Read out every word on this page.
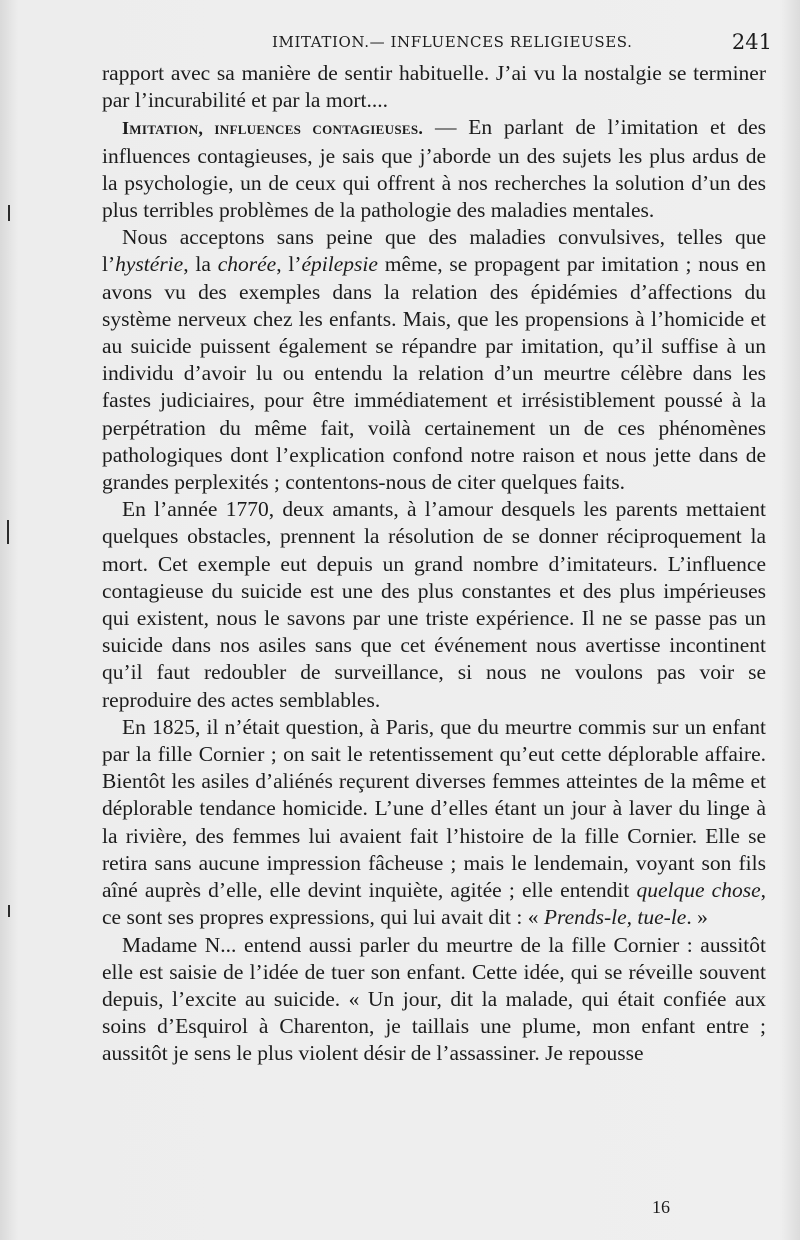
IMITATION.— INFLUENCES RELIGIEUSES.	241

rapport avec sa manière de sentir habituelle. J’ai vu la nostalgie se terminer par l’incurabilité et par la mort....

Imitation, influences contagieuses. — En parlant de l’imitation et des influences contagieuses, je sais que j’aborde un des sujets les plus ardus de la psychologie, un de ceux qui offrent à nos recherches la solution d’un des plus terribles problèmes de la pathologie des maladies mentales.

Nous acceptons sans peine que des maladies convulsives, telles que l’hystérie, la chorée, l’épilepsie même, se propagent par imitation ; nous en avons vu des exemples dans la relation des épidémies d’affections du système nerveux chez les enfants. Mais, que les propensions à l’homicide et au suicide puissent également se répandre par imitation, qu’il suffise à un individu d’avoir lu ou entendu la relation d’un meurtre célèbre dans les fastes judiciaires, pour être immédiatement et irrésistiblement poussé à la perpétration du même fait, voilà certainement un de ces phénomènes pathologiques dont l’explication confond notre raison et nous jette dans de grandes perplexités ; contentons-nous de citer quelques faits.

En l’année 1770, deux amants, à l’amour desquels les parents mettaient quelques obstacles, prennent la résolution de se donner réciproquement la mort. Cet exemple eut depuis un grand nombre d’imitateurs. L’influence contagieuse du suicide est une des plus constantes et des plus impérieuses qui existent, nous le savons par une triste expérience. Il ne se passe pas un suicide dans nos asiles sans que cet événement nous avertisse incontinent qu’il faut redoubler de surveillance, si nous ne voulons pas voir se reproduire des actes semblables.

En 1825, il n’était question, à Paris, que du meurtre commis sur un enfant par la fille Cornier ; on sait le retentissement qu’eut cette déplorable affaire. Bientôt les asiles d’aliénés reçurent diverses femmes atteintes de la même et déplorable tendance homicide. L’une d’elles étant un jour à laver du linge à la rivière, des femmes lui avaient fait l’histoire de la fille Cornier. Elle se retira sans aucune impression fâcheuse ; mais le lendemain, voyant son fils aîné auprès d’elle, elle devint inquiète, agitée ; elle entendit quelque chose, ce sont ses propres expressions, qui lui avait dit : « Prends-le, tue-le. »

Madame N... entend aussi parler du meurtre de la fille Cornier : aussitôt elle est saisie de l’idée de tuer son enfant. Cette idée, qui se réveille souvent depuis, l’excite au suicide. « Un jour, dit la malade, qui était confiée aux soins d’Esquirol à Charenton, je taillais une plume, mon enfant entre ; aussitôt je sens le plus violent désir de l’assassiner. Je repousse

16
